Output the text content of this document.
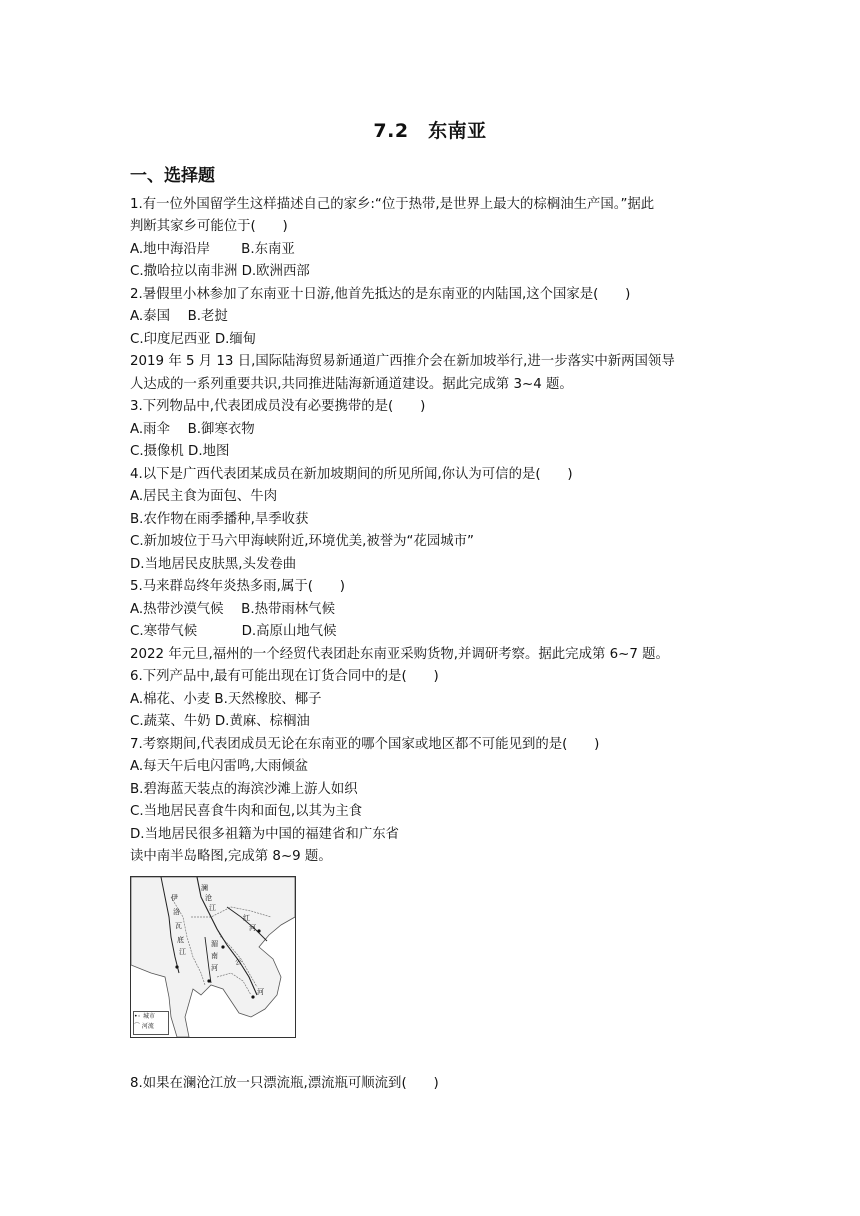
7.2　东南亚
一、选择题
1.有一位外国留学生这样描述自己的家乡:“位于热带,是世界上最大的棕榈油生产国。”据此
判断其家乡可能位于(　　)
A.地中海沿岸　　 B.东南亚
C.撒哈拉以南非洲 D.欧洲西部
2.暑假里小林参加了东南亚十日游,他首先抵达的是东南亚的内陆国,这个国家是(　　)
A.泰国　 B.老挝
C.印度尼西亚 D.缅甸
2019 年 5 月 13 日,国际陆海贸易新通道广西推介会在新加坡举行,进一步落实中新两国领导
人达成的一系列重要共识,共同推进陆海新通道建设。据此完成第 3~4 题。
3.下列物品中,代表团成员没有必要携带的是(　　)
A.雨伞　 B.御寒衣物
C.摄像机 D.地图
4.以下是广西代表团某成员在新加坡期间的所见所闻,你认为可信的是(　　)
A.居民主食为面包、牛肉
B.农作物在雨季播种,旱季收获
C.新加坡位于马六甲海峡附近,环境优美,被誉为“花园城市”
D.当地居民皮肤黑,头发卷曲
5.马来群岛终年炎热多雨,属于(　　)
A.热带沙漠气候　 B.热带雨林气候
C.寒带气候　　　 D.高原山地气候
2022 年元旦,福州的一个经贸代表团赴东南亚采购货物,并调研考察。据此完成第 6~7 题。
6.下列产品中,最有可能出现在订货合同中的是(　　)
A.棉花、小麦 B.天然橡胶、椰子
C.蔬菜、牛奶 D.黄麻、棕榈油
7.考察期间,代表团成员无论在东南亚的哪个国家或地区都不可能见到的是(　　)
A.每天午后电闪雷鸣,大雨倾盆
B.碧海蓝天装点的海滨沙滩上游人如织
C.当地居民喜食牛肉和面包,以其为主食
D.当地居民很多祖籍为中国的福建省和广东省
读中南半岛略图,完成第 8~9 题。
•◦ 城市
⌒ 河流
澜
沧
江
伊
洛
瓦
底
江
红
河
湄
南
河
公
河
8.如果在澜沧江放一只漂流瓶,漂流瓶可顺流到(　　)
